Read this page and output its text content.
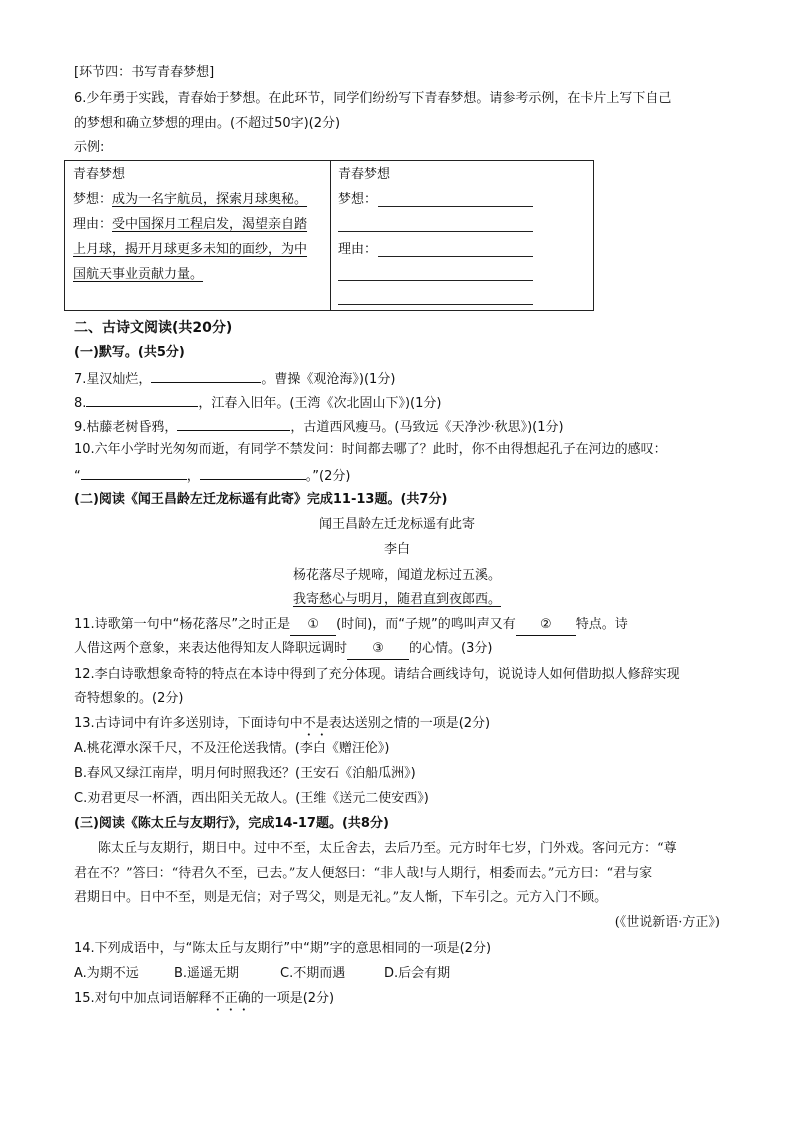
[环节四：书写青春梦想]
6.少年勇于实践，青春始于梦想。在此环节，同学们纷纷写下青春梦想。请参考示例，在卡片上写下自己
的梦想和确立梦想的理由。(不超过50字)(2分)
示例:
青春梦想
梦想：成为一名宇航员，探索月球奥秘。
理由：受中国探月工程启发，渴望亲自踏
上月球，揭开月球更多未知的面纱，为中
国航天事业贡献力量。
青春梦想
梦想：
理由：
二、古诗文阅读(共20分)
(一)默写。(共5分)
7.星汉灿烂，	。曹操《观沧海》)(1分)
8.	，江春入旧年。(王湾《次北固山下》)(1分)
9.枯藤老树昏鸦，	，古道西风瘦马。(马致远《天净沙·秋思》)(1分)
10.六年小学时光匆匆而逝，有同学不禁发问：时间都去哪了？此时，你不由得想起孔子在河边的感叹：
“	，	。”(2分)
(二)阅读《闻王昌龄左迁龙标遥有此寄》完成11-13题。(共7分)
闻王昌龄左迁龙标遥有此寄
李白
杨花落尽子规啼，闻道龙标过五溪。
我寄愁心与明月，随君直到夜郎西。
11.诗歌第一句中“杨花落尽”之时正是 ① (时间)，而“子规”的鸣叫声又有 ② 特点。诗
人借这两个意象，来表达他得知友人降职远调时 ③ 的心情。(3分)
12.李白诗歌想象奇特的特点在本诗中得到了充分体现。请结合画线诗句，说说诗人如何借助拟人修辞实现
奇特想象的。(2分)
13.古诗词中有许多送别诗，下面诗句中不是表达送别之情的一项是(2分)
A.桃花潭水深千尺，不及汪伦送我情。(李白《赠汪伦》)
B.春风又绿江南岸，明月何时照我还？(王安石《泊船瓜洲》)
C.劝君更尽一杯酒，西出阳关无故人。(王维《送元二使安西》)
(三)阅读《陈太丘与友期行》，完成14-17题。(共8分)
陈太丘与友期行，期日中。过中不至，太丘舍去，去后乃至。元方时年七岁，门外戏。客问元方：“尊
君在不？”答曰：“待君久不至，已去。”友人便怒曰：“非人哉!与人期行，相委而去。”元方曰：“君与家
君期日中。日中不至，则是无信；对子骂父，则是无礼。”友人惭，下车引之。元方入门不顾。
(《世说新语·方正》)
14.下列成语中，与“陈太丘与友期行”中“期”字的意思相同的一项是(2分)
A.为期不远	B.遥遥无期	C.不期而遇	D.后会有期
15.对句中加点词语解释不正确的一项是(2分)
